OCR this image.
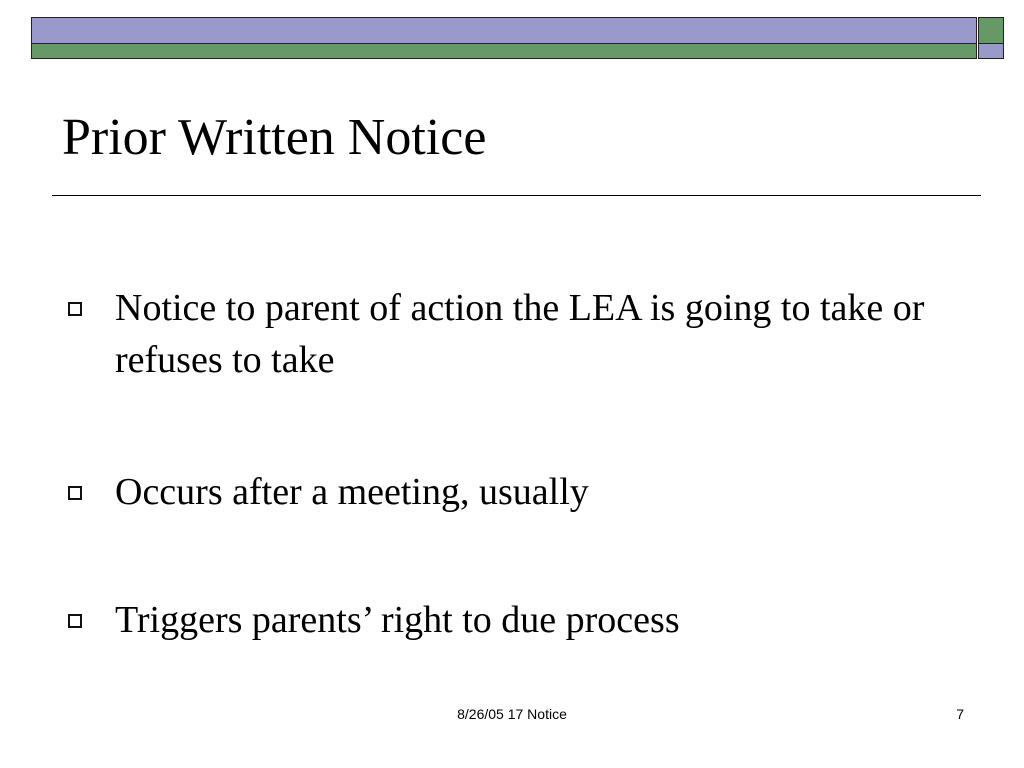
Prior Written Notice
Notice to parent of action the LEA is going to take or refuses to take
Occurs after a meeting, usually
Triggers parents’ right to due process
8/26/05 17 Notice	7
